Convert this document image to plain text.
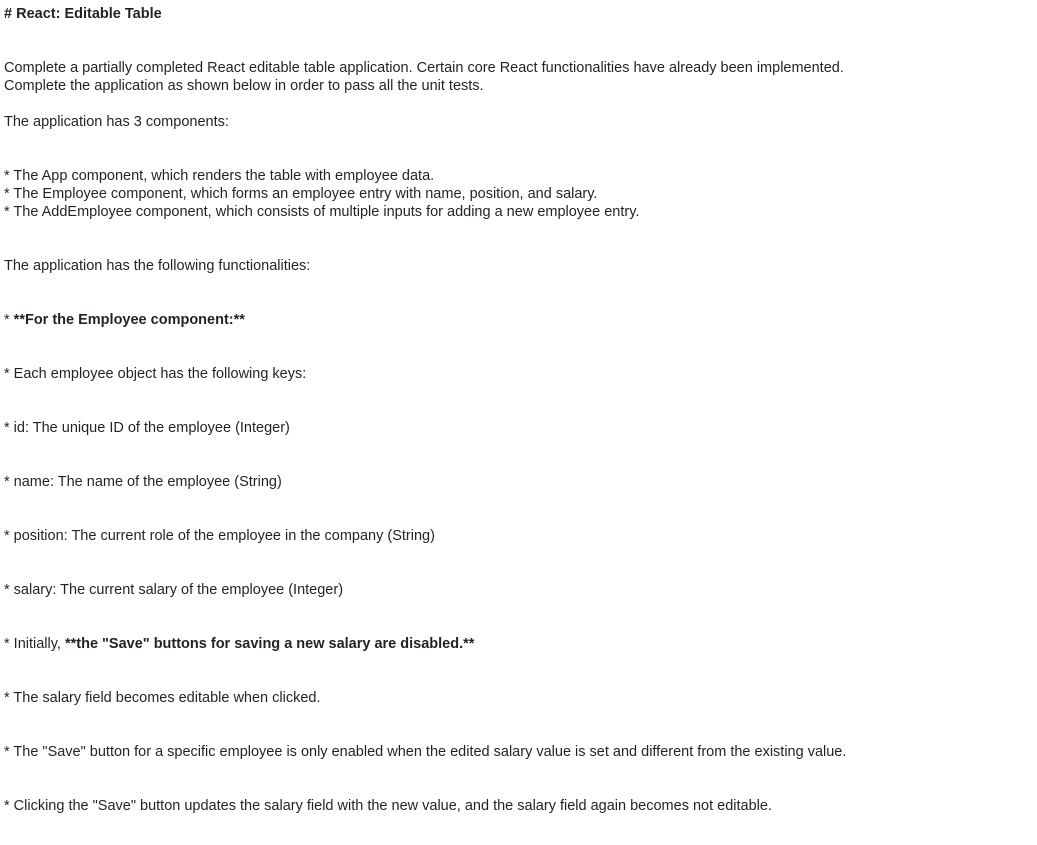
# React: Editable Table
Complete a partially completed React editable table application. Certain core React functionalities have already been implemented.
Complete the application as shown below in order to pass all the unit tests.
The application has 3 components:
* The App component, which renders the table with employee data.
* The Employee component, which forms an employee entry with name, position, and salary.
* The AddEmployee component, which consists of multiple inputs for adding a new employee entry.
The application has the following functionalities:
* **For the Employee component:**
* Each employee object has the following keys:
* id: The unique ID of the employee (Integer)
* name: The name of the employee (String)
* position: The current role of the employee in the company (String)
* salary: The current salary of the employee (Integer)
* Initially, **the "Save" buttons for saving a new salary are disabled.**
* The salary field becomes editable when clicked.
* The "Save" button for a specific employee is only enabled when the edited salary value is set and different from the existing value.
* Clicking the "Save" button updates the salary field with the new value, and the salary field again becomes not editable.
